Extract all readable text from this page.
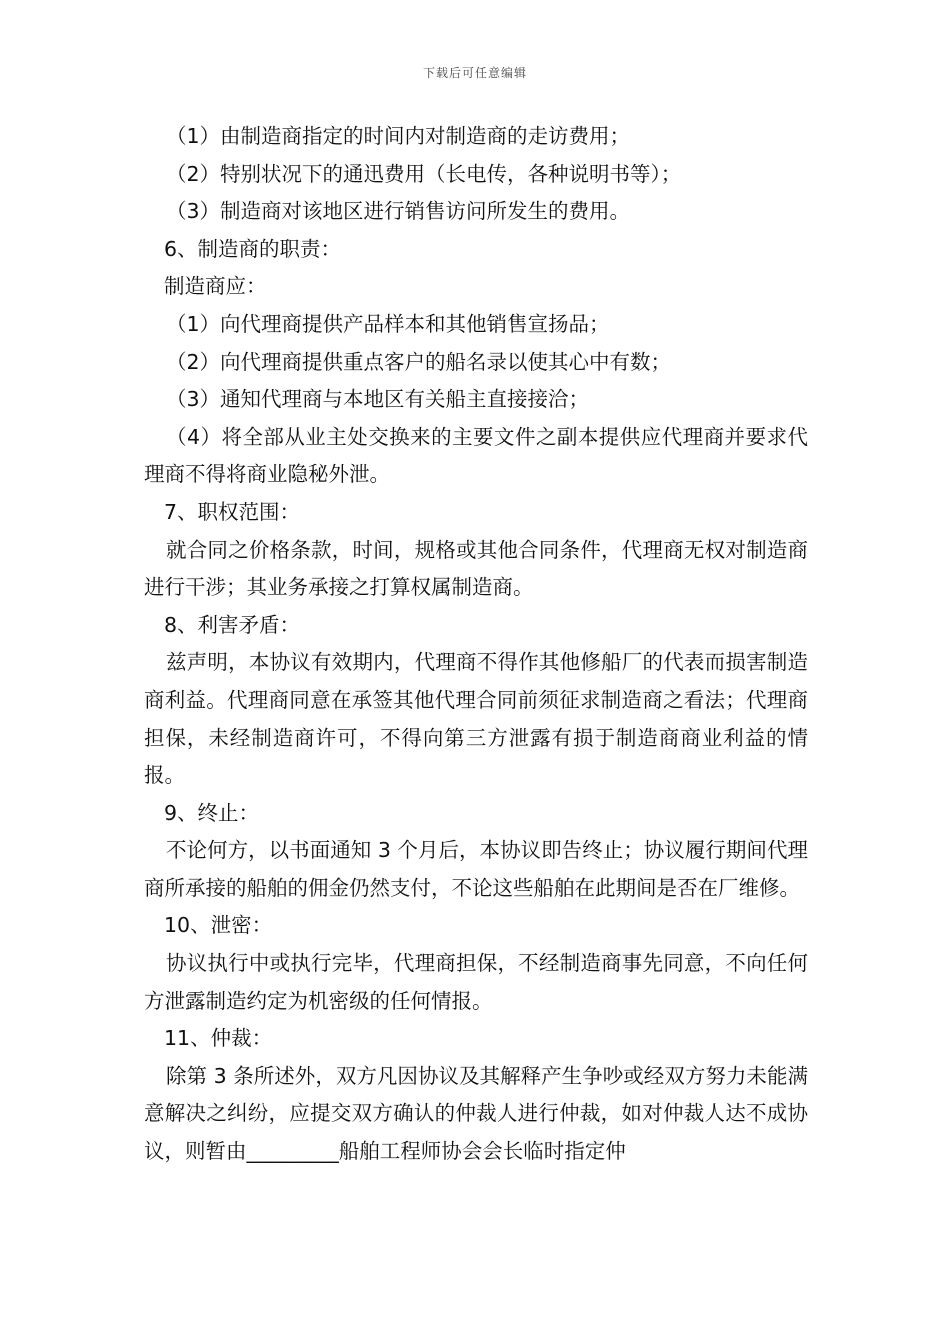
下载后可任意编辑
（1）由制造商指定的时间内对制造商的走访费用；
（2）特别状况下的通迅费用（长电传，各种说明书等）；
（3）制造商对该地区进行销售访问所发生的费用。
6、制造商的职责：
制造商应：
（1）向代理商提供产品样本和其他销售宣扬品；
（2）向代理商提供重点客户的船名录以使其心中有数；
（3）通知代理商与本地区有关船主直接接洽；
（4）将全部从业主处交换来的主要文件之副本提供应代理商并要求代理商不得将商业隐秘外泄。
7、职权范围：
就合同之价格条款，时间，规格或其他合同条件，代理商无权对制造商进行干涉；其业务承接之打算权属制造商。
8、利害矛盾：
兹声明，本协议有效期内，代理商不得作其他修船厂的代表而损害制造商利益。代理商同意在承签其他代理合同前须征求制造商之看法；代理商担保，未经制造商许可，不得向第三方泄露有损于制造商商业利益的情报。
9、终止：
不论何方，以书面通知 3 个月后，本协议即告终止；协议履行期间代理商所承接的船舶的佣金仍然支付，不论这些船舶在此期间是否在厂维修。
10、泄密：
协议执行中或执行完毕，代理商担保，不经制造商事先同意，不向任何方泄露制造约定为机密级的任何情报。
11、仲裁：
除第 3 条所述外，双方凡因协议及其解释产生争吵或经双方努力未能满意解决之纠纷，应提交双方确认的仲裁人进行仲裁，如对仲裁人达不成协议，则暂由_________船舶工程师协会会长临时指定仲
